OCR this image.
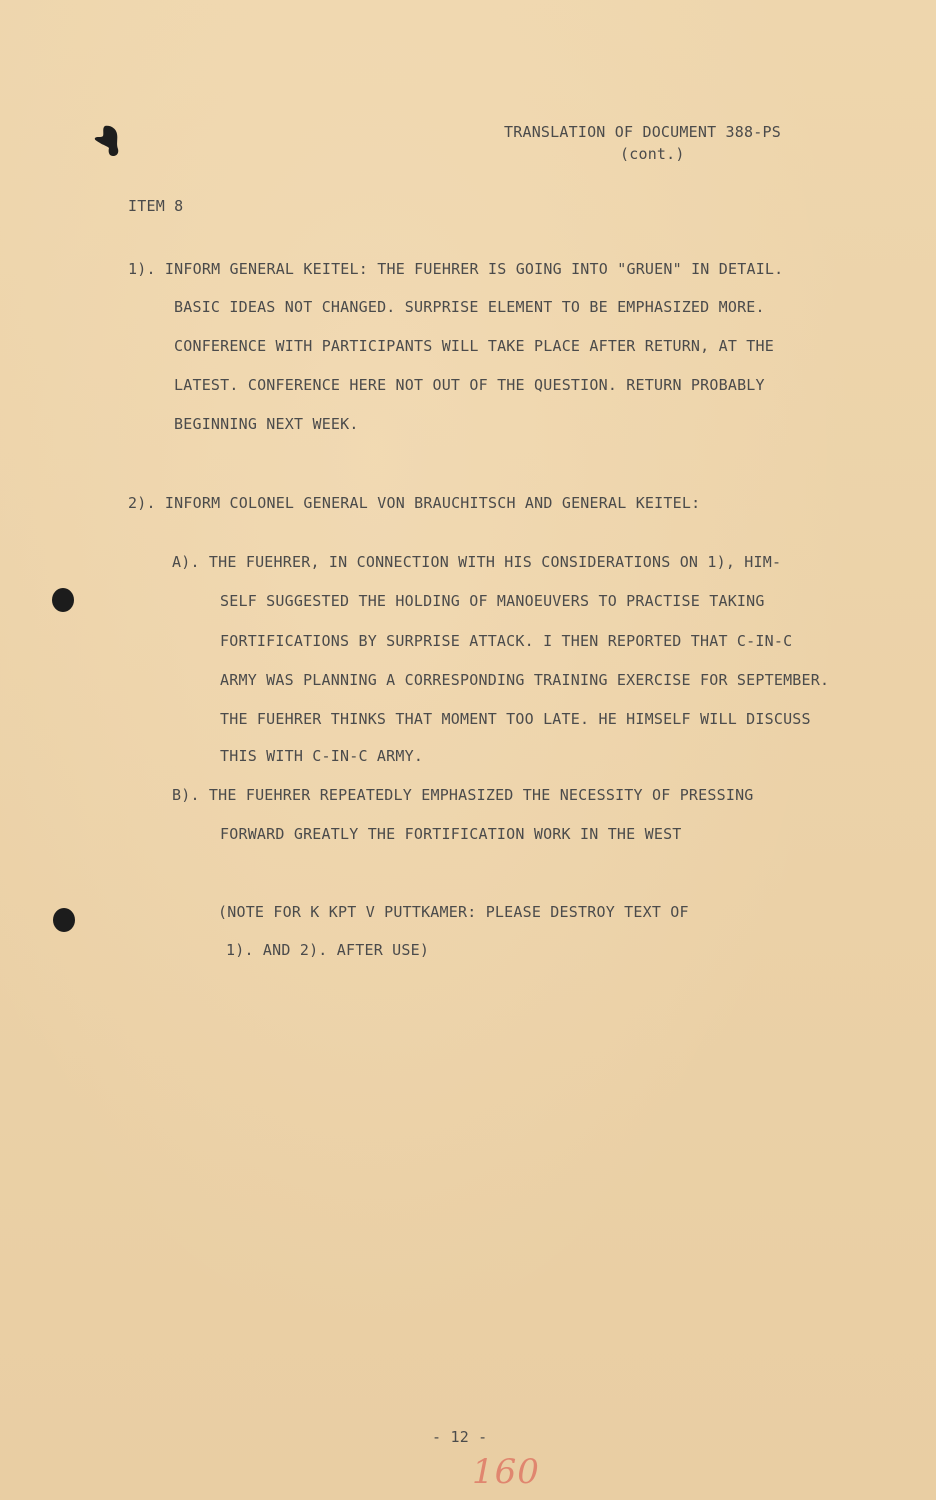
TRANSLATION OF DOCUMENT 388-PS
(cont.)
ITEM 8
1). INFORM GENERAL KEITEL: THE FUEHRER IS GOING INTO "GRUEN" IN DETAIL.
BASIC IDEAS NOT CHANGED. SURPRISE ELEMENT TO BE EMPHASIZED MORE.
CONFERENCE WITH PARTICIPANTS WILL TAKE PLACE AFTER RETURN, AT THE
LATEST. CONFERENCE HERE NOT OUT OF THE QUESTION. RETURN PROBABLY
BEGINNING NEXT WEEK.
2). INFORM COLONEL GENERAL VON BRAUCHITSCH AND GENERAL KEITEL:
A). THE FUEHRER, IN CONNECTION WITH HIS CONSIDERATIONS ON 1), HIM-
SELF SUGGESTED THE HOLDING OF MANOEUVERS TO PRACTISE TAKING
FORTIFICATIONS BY SURPRISE ATTACK. I THEN REPORTED THAT C-IN-C
ARMY WAS PLANNING A CORRESPONDING TRAINING EXERCISE FOR SEPTEMBER.
THE FUEHRER THINKS THAT MOMENT TOO LATE. HE HIMSELF WILL DISCUSS
THIS WITH C-IN-C ARMY.
B). THE FUEHRER REPEATEDLY EMPHASIZED THE NECESSITY OF PRESSING
FORWARD GREATLY THE FORTIFICATION WORK IN THE WEST
(NOTE FOR K KPT V PUTTKAMER: PLEASE DESTROY TEXT OF
1). AND 2). AFTER USE)
- 12 -
160
